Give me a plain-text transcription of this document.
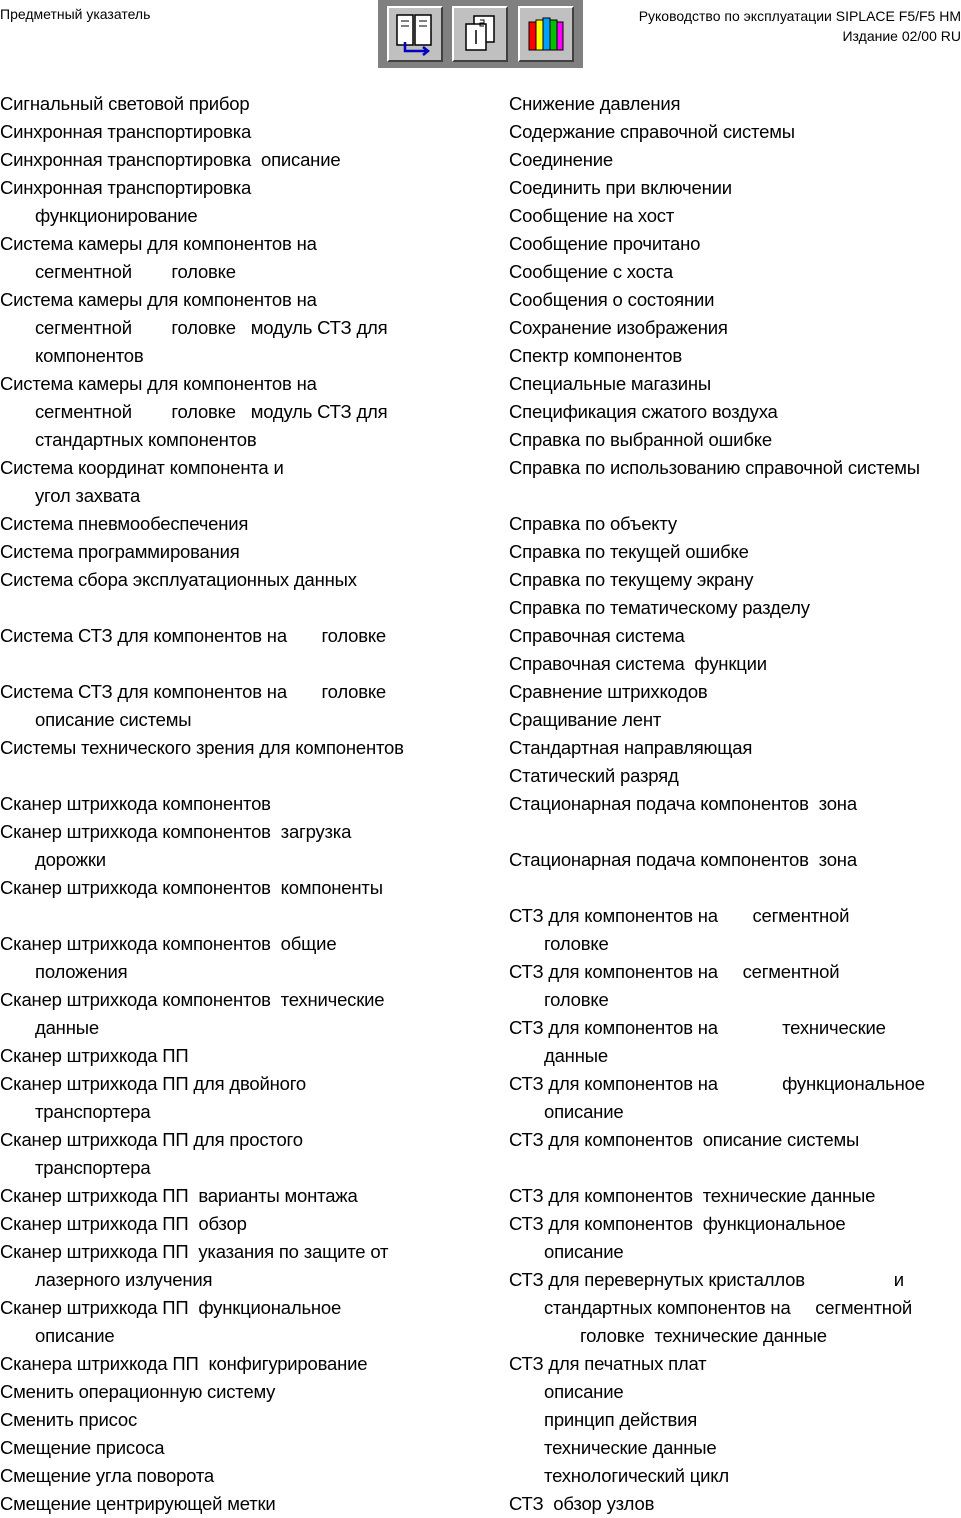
Предметный указатель	Руководство по эксплуатации SIPLACE F5/F5 HM
Издание 02/00 RU
Сигнальный световой прибор
Синхронная транспортировка
Синхронная транспортировка  описание
Синхронная транспортировка
функционирование
Система камеры для компонентов на
сегментной        головке
Система камеры для компонентов на
сегментной        головке   модуль СТЗ для
компонентов
Система камеры для компонентов на
сегментной        головке   модуль СТЗ для
стандартных компонентов
Система координат компонента и
угол захвата
Система пневмообеспечения
Система программирования
Система сбора эксплуатационных данных
Система СТЗ для компонентов на       головке
Система СТЗ для компонентов на       головке
описание системы
Системы технического зрения для компонентов
Сканер штрихкода компонентов
Сканер штрихкода компонентов  загрузка
дорожки
Сканер штрихкода компонентов  компоненты
Сканер штрихкода компонентов  общие
положения
Сканер штрихкода компонентов  технические
данные
Сканер штрихкода ПП
Сканер штрихкода ПП для двойного
транспортера
Сканер штрихкода ПП для простого
транспортера
Сканер штрихкода ПП  варианты монтажа
Сканер штрихкода ПП  обзор
Сканер штрихкода ПП  указания по защите от
лазерного излучения
Сканер штрихкода ПП  функциональное
описание
Сканера штрихкода ПП  конфигурирование
Сменить операционную систему
Сменить присос
Смещение присоса
Смещение угла поворота
Смещение центрирующей метки
Снижение давления
Содержание справочной системы
Соединение
Соединить при включении
Сообщение на хост
Сообщение прочитано
Сообщение с хоста
Сообщения о состоянии
Сохранение изображения
Спектр компонентов
Специальные магазины
Спецификация сжатого воздуха
Справка по выбранной ошибке
Справка по использованию справочной системы
Справка по объекту
Справка по текущей ошибке
Справка по текущему экрану
Справка по тематическому разделу
Справочная система
Справочная система  функции
Сравнение штрихкодов
Сращивание лент
Стандартная направляющая
Статический разряд
Стационарная подача компонентов  зона
Стационарная подача компонентов  зона
СТЗ для компонентов на       сегментной
головке
СТЗ для компонентов на     сегментной
головке
СТЗ для компонентов на             технические
данные
СТЗ для компонентов на             функциональное
описание
СТЗ для компонентов  описание системы
СТЗ для компонентов  технические данные
СТЗ для компонентов  функциональное
описание
СТЗ для перевернутых кристаллов                  и
стандартных компонентов на     сегментной
головке  технические данные
СТЗ для печатных плат
описание
принцип действия
технические данные
технологический цикл
СТЗ  обзор узлов
